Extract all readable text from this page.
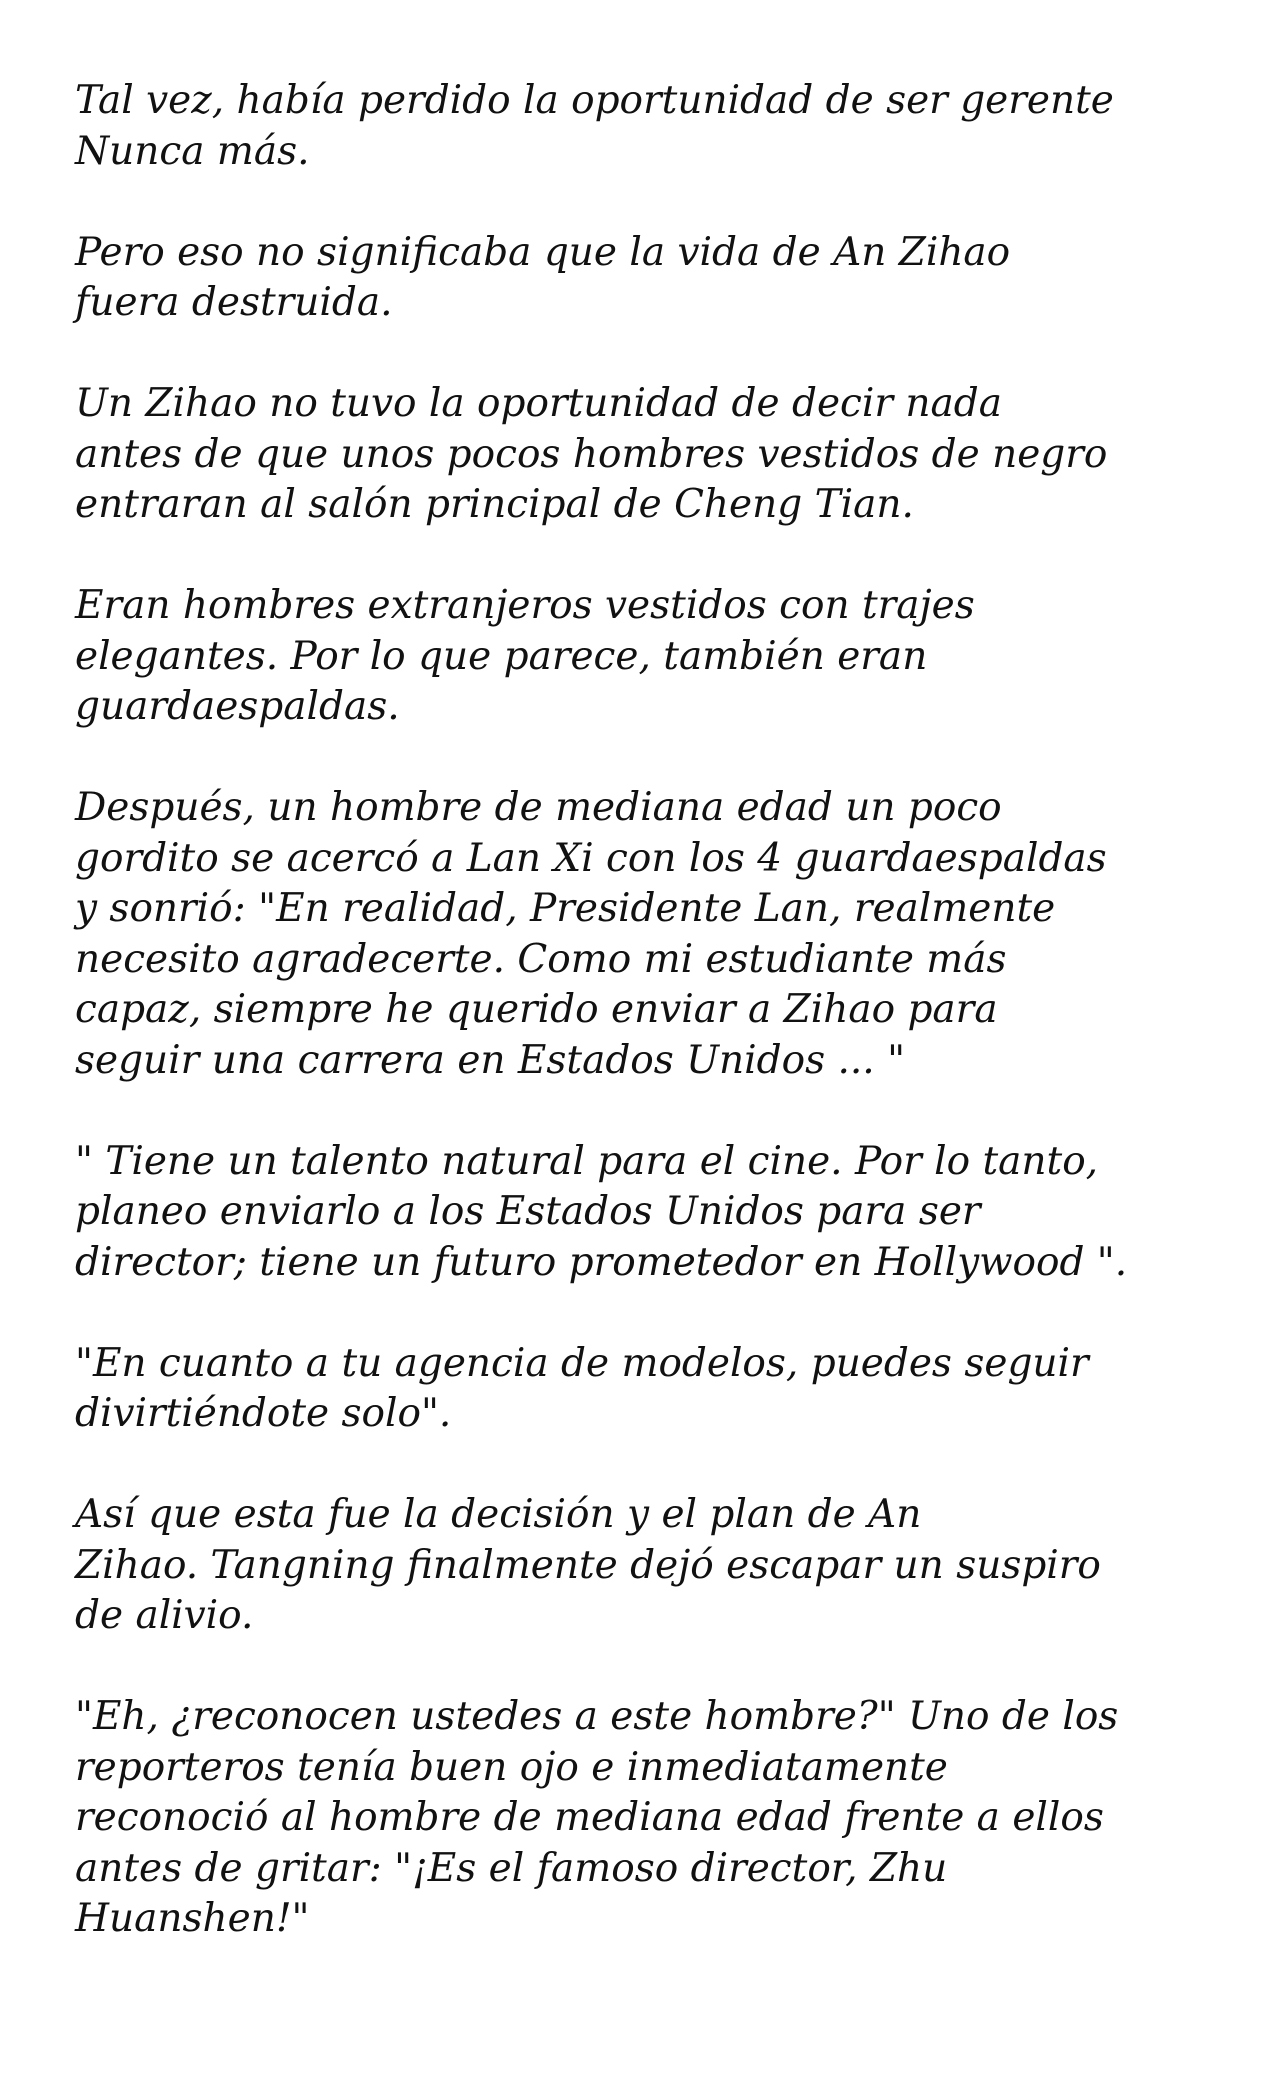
Tal vez, había perdido la oportunidad de ser gerente
Nunca más.

Pero eso no significaba que la vida de An Zihao
fuera destruida.

Un Zihao no tuvo la oportunidad de decir nada
antes de que unos pocos hombres vestidos de negro
entraran al salón principal de Cheng Tian.

Eran hombres extranjeros vestidos con trajes
elegantes. Por lo que parece, también eran
guardaespaldas.

Después, un hombre de mediana edad un poco
gordito se acercó a Lan Xi con los 4 guardaespaldas
y sonrió: "En realidad, Presidente Lan, realmente
necesito agradecerte. Como mi estudiante más
capaz, siempre he querido enviar a Zihao para
seguir una carrera en Estados Unidos ... "

" Tiene un talento natural para el cine. Por lo tanto,
planeo enviarlo a los Estados Unidos para ser
director; tiene un futuro prometedor en Hollywood ".

"En cuanto a tu agencia de modelos, puedes seguir
divirtiéndote solo".

Así que esta fue la decisión y el plan de An
Zihao. Tangning finalmente dejó escapar un suspiro
de alivio.

"Eh, ¿reconocen ustedes a este hombre?" Uno de los
reporteros tenía buen ojo e inmediatamente
reconoció al hombre de mediana edad frente a ellos
antes de gritar: "¡Es el famoso director, Zhu
Huanshen!"
